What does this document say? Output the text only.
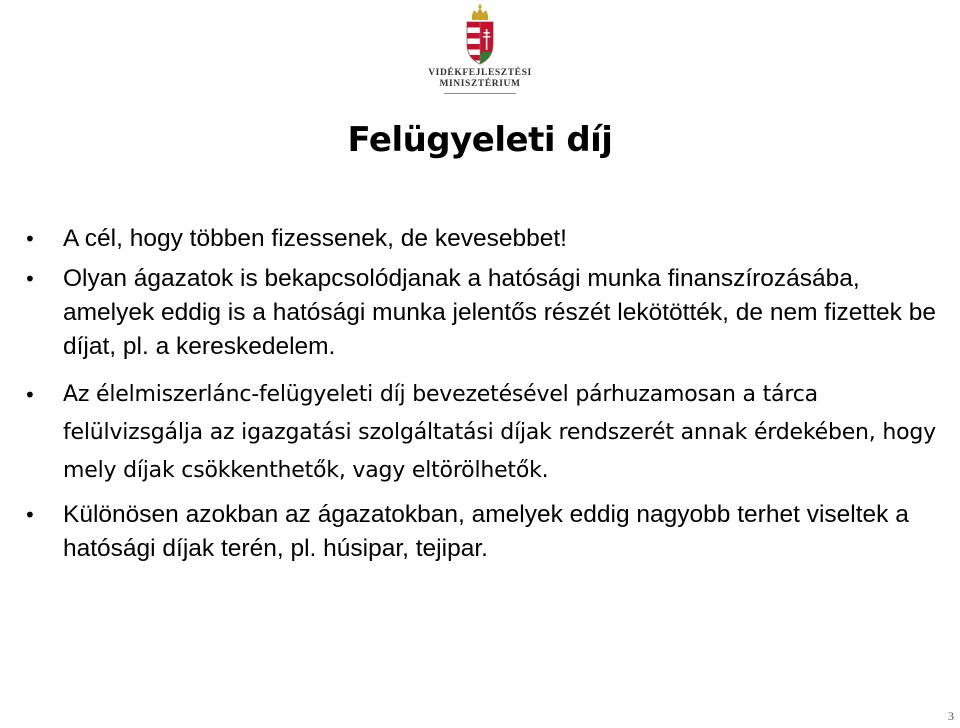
VIDÉKFEJLESZTÉSI
MINISZTÉRIUM
Felügyeleti díj
• A cél, hogy többen fizessenek, de kevesebbet!
• Olyan ágazatok is bekapcsolódjanak a hatósági munka finanszírozásába, amelyek eddig is a hatósági munka jelentős részét lekötötték, de nem fizettek be díjat, pl. a kereskedelem.
• Az élelmiszerlánc-felügyeleti díj bevezetésével párhuzamosan a tárca felülvizsgálja az igazgatási szolgáltatási díjak rendszerét annak érdekében, hogy mely díjak csökkenthetők, vagy eltörölhetők.
• Különösen azokban az ágazatokban, amelyek eddig nagyobb terhet viseltek a hatósági díjak terén, pl. húsipar, tejipar.
3
